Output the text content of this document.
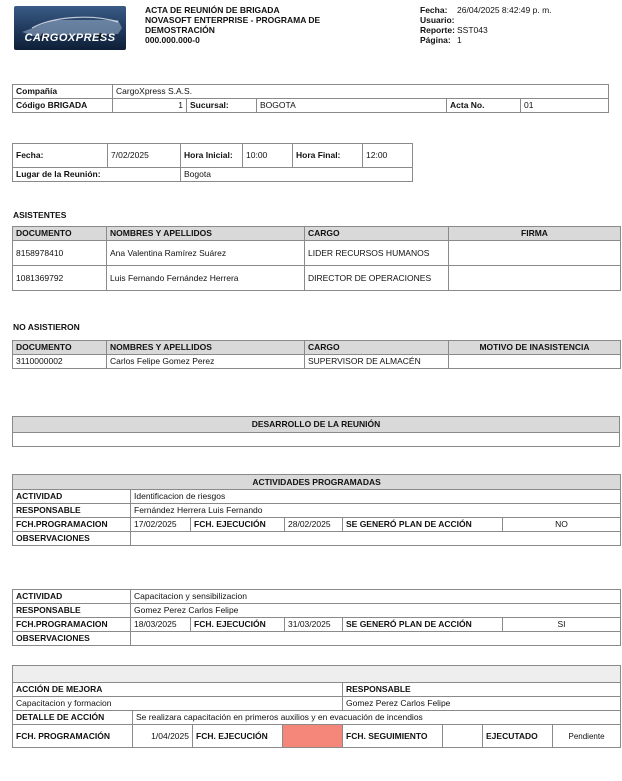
CARGOXPRESS
ACTA DE REUNIÓN DE BRIGADA
NOVASOFT ENTERPRISE - PROGRAMA DE
DEMOSTRACIÓN
000.000.000-0
Fecha:	26/04/2025 8:42:49 p. m.
Usuario:
Reporte: SST043
Página: 1
Compañía	CargoXpress S.A.S.				
Código BRIGADA	1	Sucursal:	BOGOTA	Acta No.	01
Fecha:	7/02/2025	Hora Inicial:	10:00	Hora Final:	12:00
Lugar de la Reunión:		Bogota			
ASISTENTES
DOCUMENTO	NOMBRES Y APELLIDOS	CARGO	FIRMA
8158978410	Ana Valentina Ramírez Suárez	LIDER RECURSOS HUMANOS	
1081369792	Luis Fernando Fernández Herrera	DIRECTOR DE OPERACIONES	
NO ASISTIERON
DOCUMENTO	NOMBRES Y APELLIDOS	CARGO	MOTIVO DE INASISTENCIA
3110000002	Carlos Felipe Gomez Perez	SUPERVISOR DE ALMACÉN	
DESARROLLO DE LA REUNIÓN

ACTIVIDADES PROGRAMADAS					
ACTIVIDAD	Identificacion de riesgos				
RESPONSABLE	Fernández Herrera Luis Fernando				
FCH.PROGRAMACION	17/02/2025	FCH. EJECUCIÓN	28/02/2025	SE GENERÓ PLAN DE ACCIÓN	NO
OBSERVACIONES					
ACTIVIDAD	Capacitacion y sensibilizacion				
RESPONSABLE	Gomez Perez Carlos Felipe				
FCH.PROGRAMACION	18/03/2025	FCH. EJECUCIÓN	31/03/2025	SE GENERÓ PLAN DE ACCIÓN	SI
OBSERVACIONES					

ACCIÓN DE MEJORA				RESPONSABLE			
Capacitacion y formacion				Gomez Perez Carlos Felipe			
DETALLE DE ACCIÓN	Se realizara capacitación en primeros auxilios y en evacuación de incendios						
FCH. PROGRAMACIÓN	1/04/2025	FCH. EJECUCIÓN		FCH. SEGUIMIENTO		EJECUTADO	Pendiente
